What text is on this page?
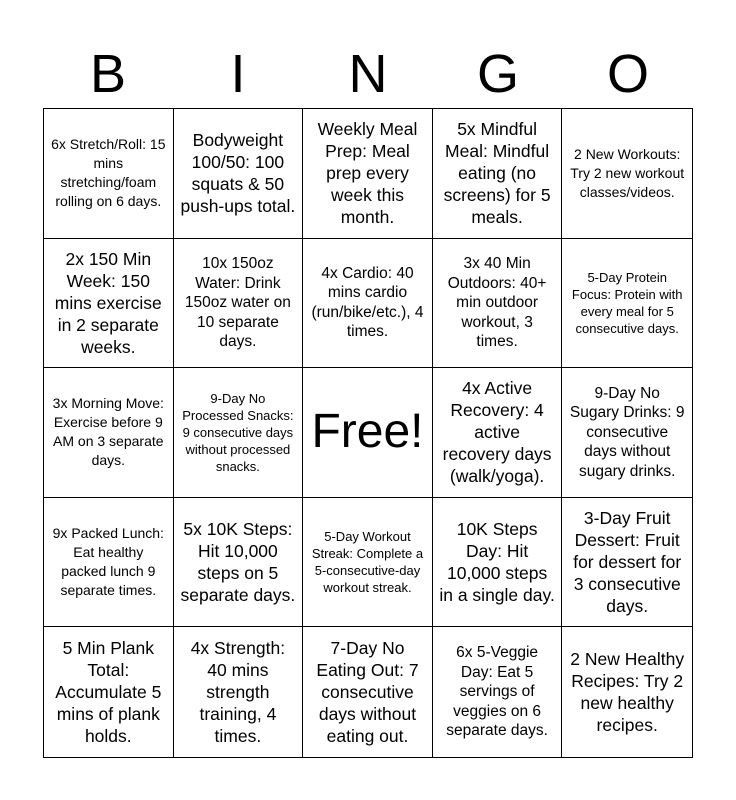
B	I	N	G	O
6x Stretch/Roll: 15 mins stretching/foam rolling on 6 days.
Bodyweight 100/50: 100 squats & 50 push-ups total.
Weekly Meal Prep: Meal prep every week this month.
5x Mindful Meal: Mindful eating (no screens) for 5 meals.
2 New Workouts: Try 2 new workout classes/videos.
2x 150 Min Week: 150 mins exercise in 2 separate weeks.
10x 150oz Water: Drink 150oz water on 10 separate days.
4x Cardio: 40 mins cardio (run/bike/etc.), 4 times.
3x 40 Min Outdoors: 40+ min outdoor workout, 3 times.
5-Day Protein Focus: Protein with every meal for 5 consecutive days.
3x Morning Move: Exercise before 9 AM on 3 separate days.
9-Day No Processed Snacks: 9 consecutive days without processed snacks.
Free!
4x Active Recovery: 4 active recovery days (walk/yoga).
9-Day No Sugary Drinks: 9 consecutive days without sugary drinks.
9x Packed Lunch: Eat healthy packed lunch 9 separate times.
5x 10K Steps: Hit 10,000 steps on 5 separate days.
5-Day Workout Streak: Complete a 5-consecutive-day workout streak.
10K Steps Day: Hit 10,000 steps in a single day.
3-Day Fruit Dessert: Fruit for dessert for 3 consecutive days.
5 Min Plank Total: Accumulate 5 mins of plank holds.
4x Strength: 40 mins strength training, 4 times.
7-Day No Eating Out: 7 consecutive days without eating out.
6x 5-Veggie Day: Eat 5 servings of veggies on 6 separate days.
2 New Healthy Recipes: Try 2 new healthy recipes.
